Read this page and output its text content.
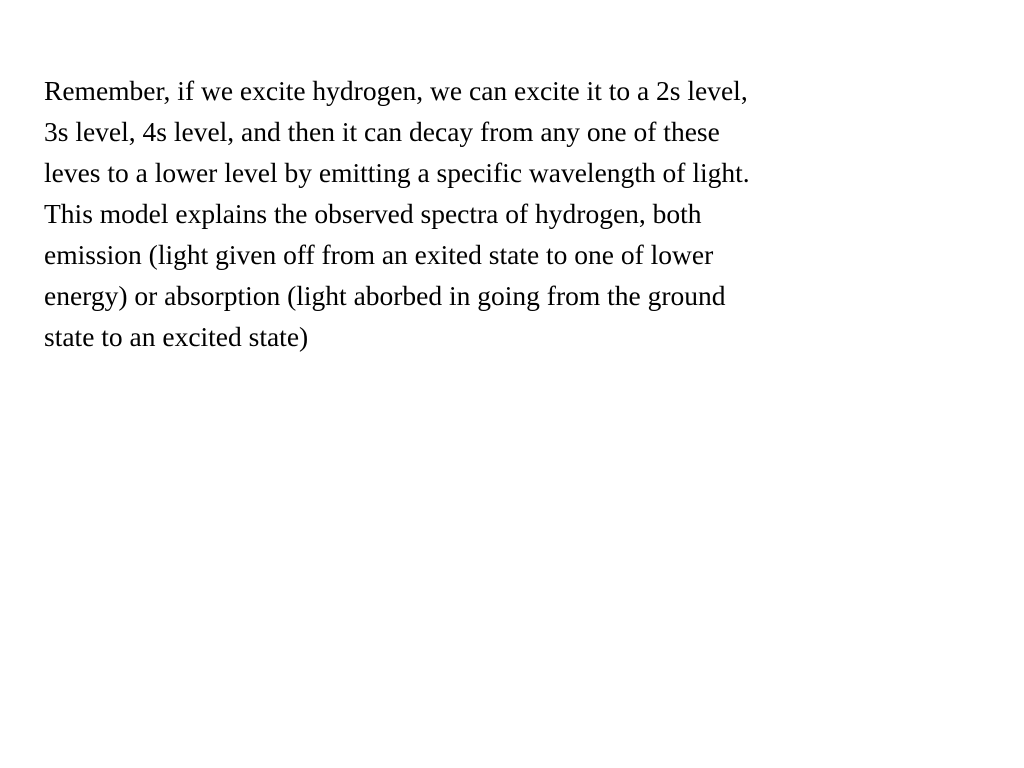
Remember, if we excite hydrogen, we can excite it to a 2s level,
3s level, 4s level, and then it can decay from any one of these
leves to a lower level by emitting a specific wavelength of light.
This model explains the observed spectra of hydrogen, both
emission (light given off from an exited state to one of lower
energy) or absorption (light aborbed in going from the ground
state to an excited state)
